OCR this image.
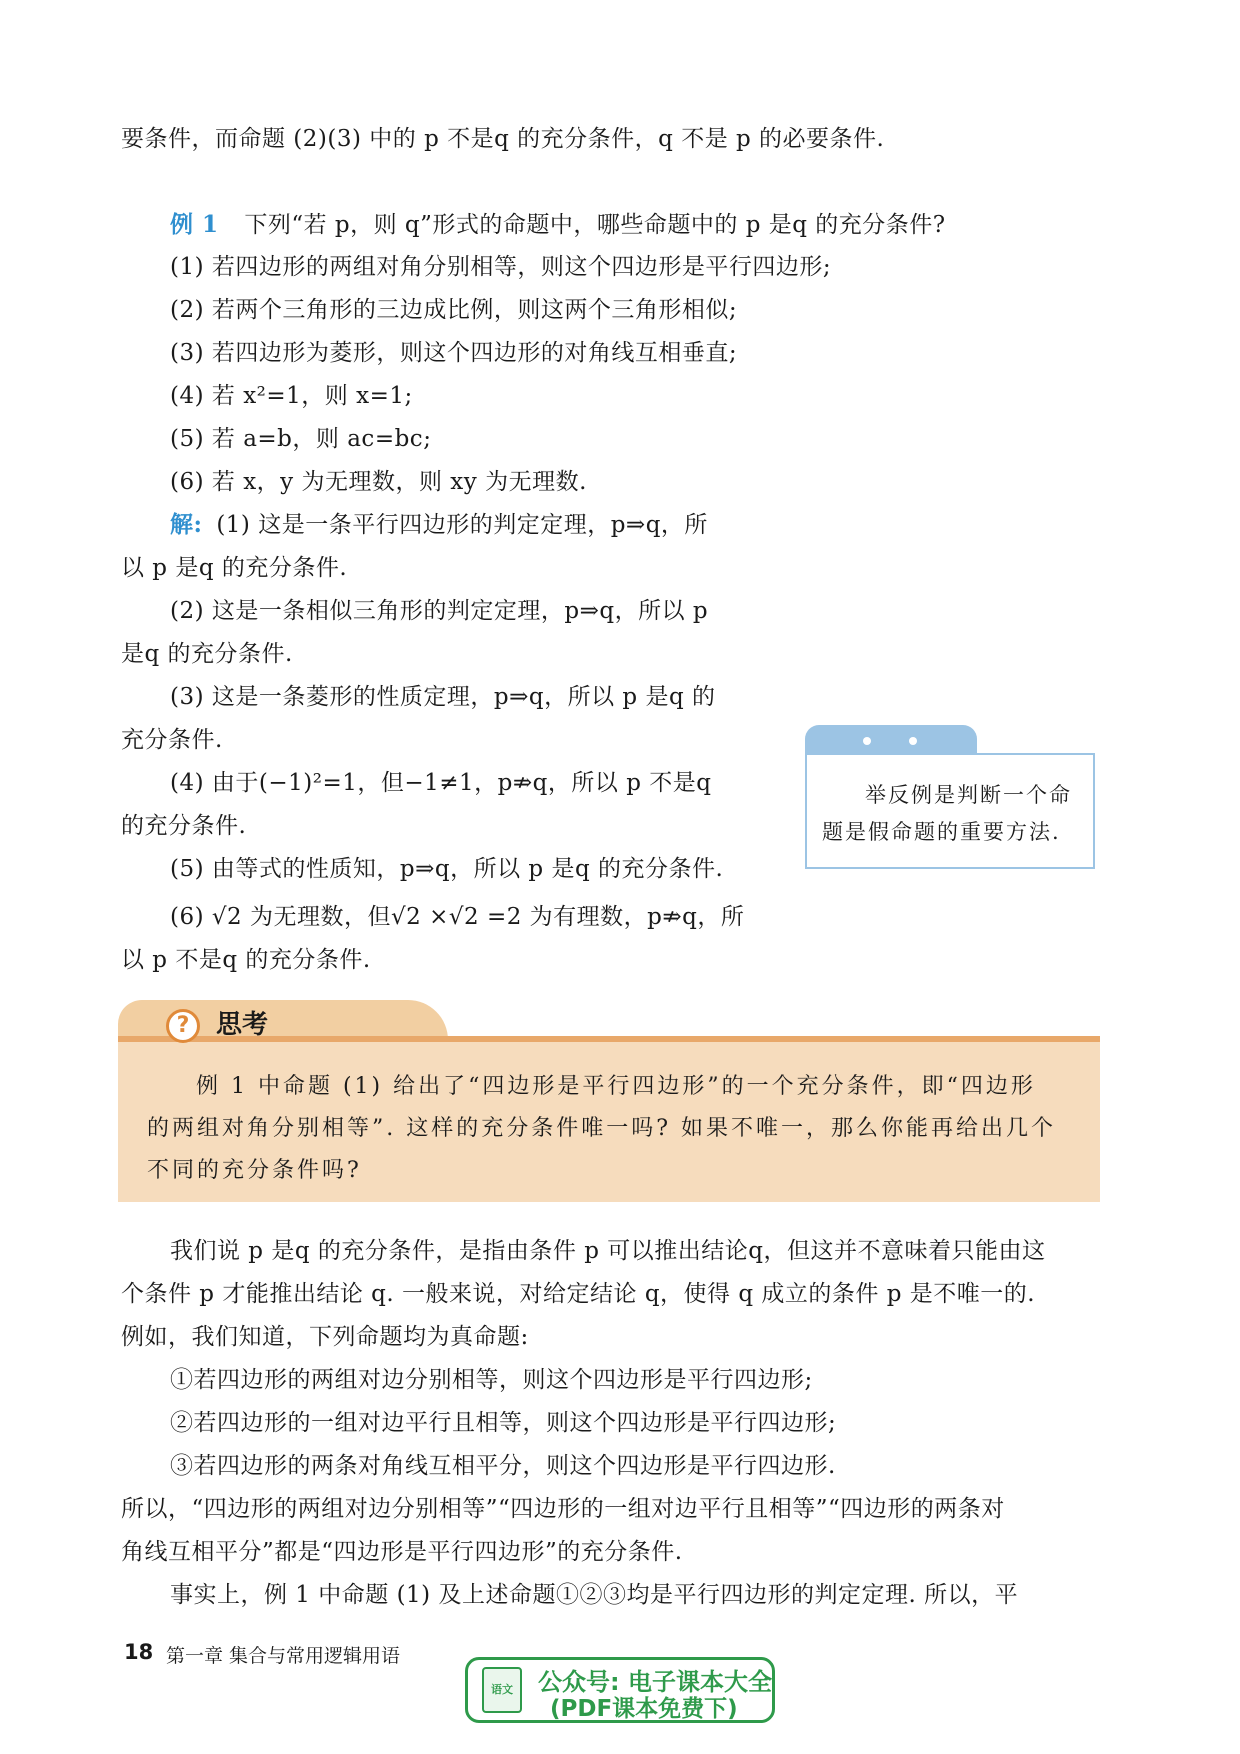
要条件，而命题 (2)(3) 中的 p 不是q 的充分条件，q 不是 p 的必要条件.
例 1 下列“若 p，则 q”形式的命题中，哪些命题中的 p 是q 的充分条件?
(1) 若四边形的两组对角分别相等，则这个四边形是平行四边形;
(2) 若两个三角形的三边成比例，则这两个三角形相似;
(3) 若四边形为菱形，则这个四边形的对角线互相垂直;
(4) 若 x²=1，则 x=1;
(5) 若 a=b，则 ac=bc;
(6) 若 x，y 为无理数，则 xy 为无理数.
解: (1) 这是一条平行四边形的判定定理，p⇒q，所
以 p 是q 的充分条件.
(2) 这是一条相似三角形的判定定理，p⇒q，所以 p
是q 的充分条件.
(3) 这是一条菱形的性质定理，p⇒q，所以 p 是q 的
充分条件.
(4) 由于(−1)²=1，但−1≠1，p⇏q，所以 p 不是q
的充分条件.
(5) 由等式的性质知，p⇒q，所以 p 是q 的充分条件.
(6) √2 为无理数，但√2 ×√2 =2 为有理数，p⇏q，所
以 p 不是q 的充分条件.
举反例是判断一个命
题是假命题的重要方法.
?	思考
例 1 中命题 (1) 给出了“四边形是平行四边形”的一个充分条件，即“四边形
的两组对角分别相等”. 这样的充分条件唯一吗? 如果不唯一，那么你能再给出几个
不同的充分条件吗?
我们说 p 是q 的充分条件，是指由条件 p 可以推出结论q，但这并不意味着只能由这
个条件 p 才能推出结论 q. 一般来说，对给定结论 q，使得 q 成立的条件 p 是不唯一的.
例如，我们知道，下列命题均为真命题:
①若四边形的两组对边分别相等，则这个四边形是平行四边形;
②若四边形的一组对边平行且相等，则这个四边形是平行四边形;
③若四边形的两条对角线互相平分，则这个四边形是平行四边形.
所以，“四边形的两组对边分别相等”“四边形的一组对边平行且相等”“四边形的两条对
角线互相平分”都是“四边形是平行四边形”的充分条件.
事实上，例 1 中命题 (1) 及上述命题①②③均是平行四边形的判定定理. 所以，平
18 第一章 集合与常用逻辑用语
语文	公众号: 电子课本大全
(PDF课本免费下)
